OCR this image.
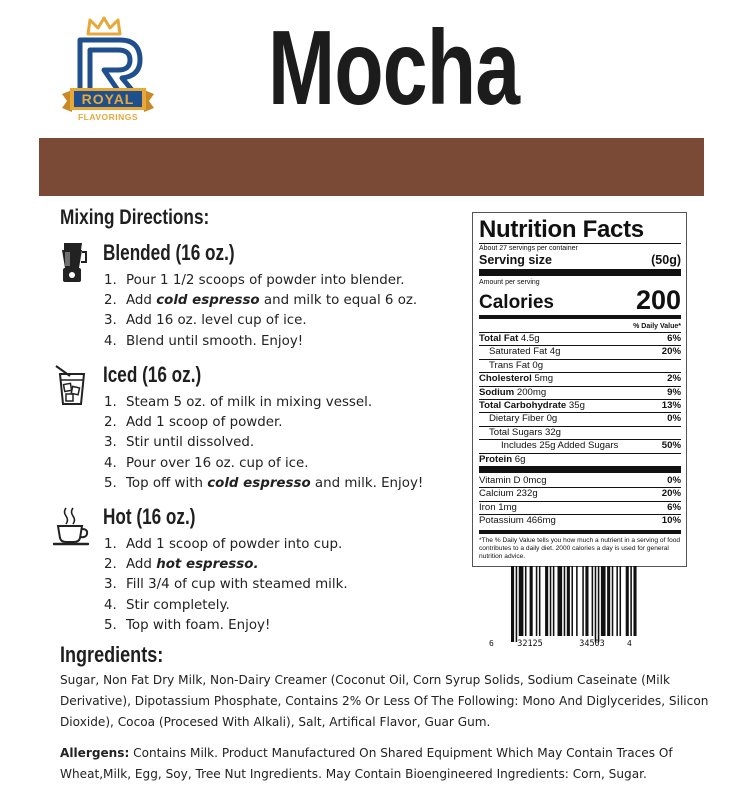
ROYAL
FLAVORINGS Mocha
Mixing Directions:
Blended (16 oz.)
1. Pour 1 1/2 scoops of powder into blender.
2. Add cold espresso and milk to equal 6 oz.
3. Add 16 oz. level cup of ice.
4. Blend until smooth. Enjoy!
Iced (16 oz.)
1. Steam 5 oz. of milk in mixing vessel.
2. Add 1 scoop of powder.
3. Stir until dissolved.
4. Pour over 16 oz. cup of ice.
5. Top off with cold espresso and milk. Enjoy!
Hot (16 oz.)
1. Add 1 scoop of powder into cup.
2. Add hot espresso.
3. Fill 3/4 of cup with steamed milk.
4. Stir completely.
5. Top with foam. Enjoy!
Ingredients:
Sugar, Non Fat Dry Milk, Non-Dairy Creamer (Coconut Oil, Corn Syrup Solids, Sodium Caseinate (Milk Derivative), Dipotassium Phosphate, Contains 2% Or Less Of The Following: Mono And Diglycerides, Silicon Dioxide), Cocoa (Procesed With Alkali), Salt, Artifical Flavor, Guar Gum.
Allergens: Contains Milk. Product Manufactured On Shared Equipment Which May Contain Traces Of Wheat,Milk, Egg, Soy, Tree Nut Ingredients. May Contain Bioengineered Ingredients: Corn, Sugar.
Nutrition Facts
About 27 servings per container
Serving size	(50g)
Amount per serving
Calories	200
% Daily Value*
Total Fat 4.5g	6%
Saturated Fat 4g	20%
Trans Fat 0g
Cholesterol 5mg	2%
Sodium 200mg	9%
Total Carbohydrate 35g	13%
Dietary Fiber 0g	0%
Total Sugars 32g
Includes 25g Added Sugars	50%
Protein 6g
Vitamin D 0mcg	0%
Calcium 232g	20%
Iron 1mg	6%
Potassium 466mg	10%
*The % Daily Value tells you how much a nutrient in a serving of food contributes to a daily diet. 2000 calories a day is used for general nutrition advice.
6	32125	34503	4
